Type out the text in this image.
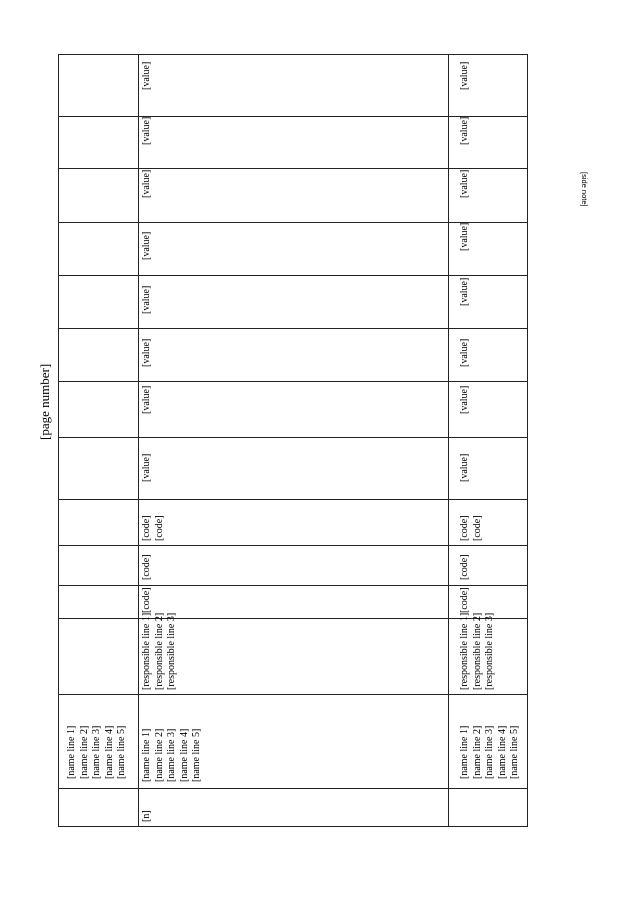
[page number]
[side note]
[name line 1] [name line 2] [name line 3] [name line 4] [name line 5]
[value]
[n]
[name line 1] [name line 2] [name line 3] [name line 4] [name line 5]
[responsible line 1] [responsible line 2] [responsible line 3]
[code]
[code]
[code] [code]
[value]
[value]
[value]
[value]
[value]
[value]
[value]
[name line 1] [name line 2] [name line 3] [name line 4] [name line 5]
[responsible line 1] [responsible line 2] [responsible line 3]
[code]
[code]
[code] [code]
[value]
[value]
[value]
[value]
[value]
[value]
[value]
[value]
